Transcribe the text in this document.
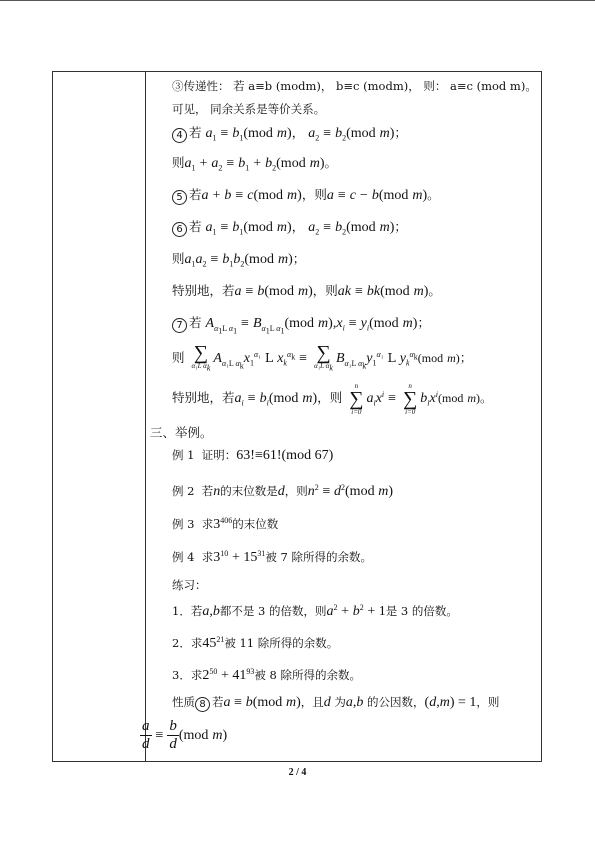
③传递性： 若 a≡b (modm)， b≡c (modm)， 则： a≡c (mod m)。
可见， 同余关系是等价关系。
4 若 $a_1 \equiv b_1(mod$ m)， $a_2 \equiv b_2(mod$ m)；
则$a_1 + a_2 \equiv b_1 + b_2(mod$ m)。
5 若a + b ≡ c(mod m)，则a ≡ c − b(mod m)。
6 若 $a_1 \equiv b_1(mod$ m)， $a_2 \equiv b_2(mod$ m)；
则$a_1a_2 \equiv b_1b_2(mod$ m)；
特别地，若a ≡ b(mod m)，则ak ≡ bk(mod m)。
7 若 $A_{\alpha_1L \alpha_1} \equiv B_{\alpha_1L \alpha_1}(mod$ $m),x_i \equiv y_i(mod$ m)；
则 ∑
α₁L $\alpha_k$
$A_{\alpha_1L \alpha_k}x_1^{\alpha_1}$ L $x_k^{\alpha_k}$ ≡ ∑
α₁L $\alpha_k$
$B_{\alpha_1L \alpha_k}y_1^{\alpha_1}$ L $y_k^{\alpha_k}(mod$ m)；
特别地，若$a_i \equiv b_i(mod$ m)，则
n
∑
i=0
$a_ix^i$ ≡
n
∑
i=0
$b_ix^i(mod$ m)。
三、举例。
例 1 证明：63!≡61!(mod 67)
例 2 若n的末位数是d，则$n^2 \equiv d^2(mod$ m)
例 3 求$3^{406}$的末位数
例 4 求$3^{10} + 15^{31}$被 7 除所得的余数。
练习：
1．若a,b都不是 3 的倍数，则$a^2 + b^2 + 1$是 3 的倍数。
2．求$45^{21}$被 11 除所得的余数。
3．求$2^{50} + 41^{93}$被 8 除所得的余数。
性质 8 若a ≡ b(mod m)，且d 为a,b 的公因数，(d,m) = 1，则
$\frac{a}{d} \equiv \frac{b}{d} (mod$ m)
2 / 4
